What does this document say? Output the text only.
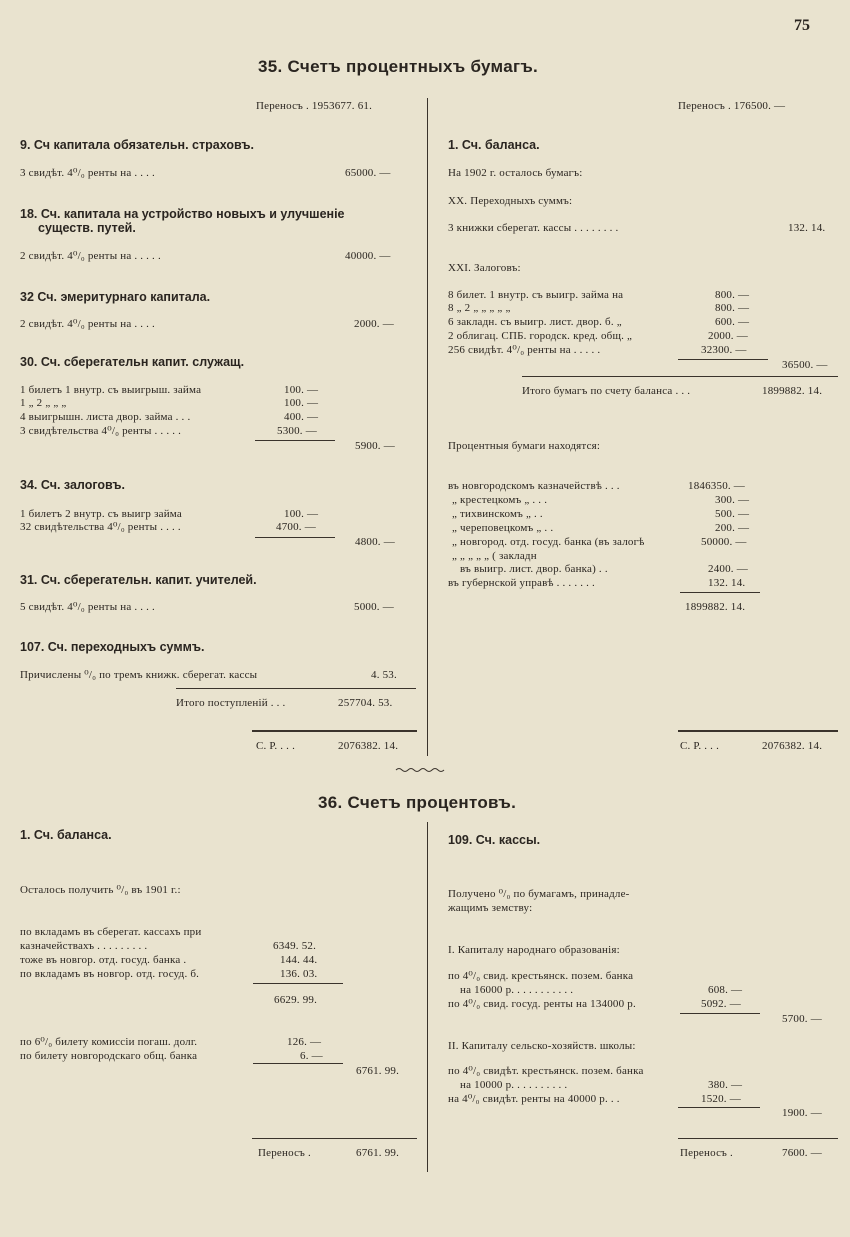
75
35. Счетъ процентныхъ бумагъ.
Переносъ . 1953677. 61.
9. Сч капитала обязательн. страховъ.
3 свидѣт. 4⁰/₀ ренты на . . . .	65000. —
18. Сч. капитала на устройство новыхъ и улучшеніе
существ. путей.
2 свидѣт. 4⁰/₀ ренты на . . . . .	40000. —
32 Сч. эмеритурнаго капитала.
2 свидѣт. 4⁰/₀ ренты на . . . .	2000. —
30. Сч. сберегательн капит. служащ.
1 билетъ 1 внутр. съ выигрыш. займа	100. —
1 „ 2 „ „ „	100. —
4 выигрышн. листа двор. займа . . .	400. —
3 свидѣтельства 4⁰/₀ ренты . . . . .	5300. —
5900. —
34. Сч. залоговъ.
1 билетъ 2 внутр. съ выигр займа	100. —
32 свидѣтельства 4⁰/₀ ренты . . . .	4700. —
4800. —
31. Сч. сберегательн. капит. учителей.
5 свидѣт. 4⁰/₀ ренты на . . . .	5000. —
107. Сч. переходныхъ суммъ.
Причислены ⁰/₀ по тремъ книжк. сберегат. кассы	4. 53.
Итого поступленій . . .	257704. 53.
С. Р. . . .	2076382. 14.
Переносъ . 176500. —
1. Сч. баланса.
На 1902 г. осталось бумагъ:
XX. Переходныхъ суммъ:
3 книжки сберегат. кассы . . . . . . . .	132. 14.
XXI. Залоговъ:
8 билет. 1 внутр. съ выигр. займа на	800. —
8 „ 2 „ „ „ „ „	800. —
6 закладн. съ выигр. лист. двор. б. „	600. —
2 облигац. СПБ. городск. кред. общ. „	2000. —
256 свидѣт. 4⁰/₀ ренты на . . . . .	32300. —
36500. —
Итого бумагъ по счету баланса . . .	1899882. 14.
Процентныя бумаги находятся:
въ новгородскомъ казначействѣ . . .	1846350. —
„ крестецкомъ „ . . .	300. —
„ тихвинскомъ „ . .	500. —
„ череповецкомъ „ . .	200. —
„ новгород. отд. госуд. банка (въ залогѣ	50000. —
„ „ „ „ „ ( закладн
въ выигр. лист. двор. банка) . .	2400. —
въ губернской управѣ . . . . . . .	132. 14.
1899882. 14.
С. Р. . . .	2076382. 14.
36. Счетъ процентовъ.
1. Сч. баланса.
Осталось получить ⁰/₀ въ 1901 г.:
по вкладамъ въ сберегат. кассахъ при
казначействахъ . . . . . . . . .	6349. 52.
тоже въ новгор. отд. госуд. банка .	144. 44.
по вкладамъ въ новгор. отд. госуд. б.	136. 03.
6629. 99.
по 6⁰/₀ билету комиссіи погаш. долг.	126. —
по билету новгородскаго общ. банка	6. —
6761. 99.
Переносъ .	6761. 99.
109. Сч. кассы.
Получено ⁰/₀ по бумагамъ, принадле-
жащимъ земству:
I. Капиталу народнаго образованія:
по 4⁰/₀ свид. крестьянск. позем. банка
на 16000 р. . . . . . . . . . .	608. —
по 4⁰/₀ свид. госуд. ренты на 134000 р.	5092. —
5700. —
II. Капиталу сельско-хозяйств. школы:
по 4⁰/₀ свидѣт. крестьянск. позем. банка
на 10000 р. . . . . . . . . .	380. —
на 4⁰/₀ свидѣт. ренты на 40000 р. . .	1520. —
1900. —
Переносъ .	7600. —
